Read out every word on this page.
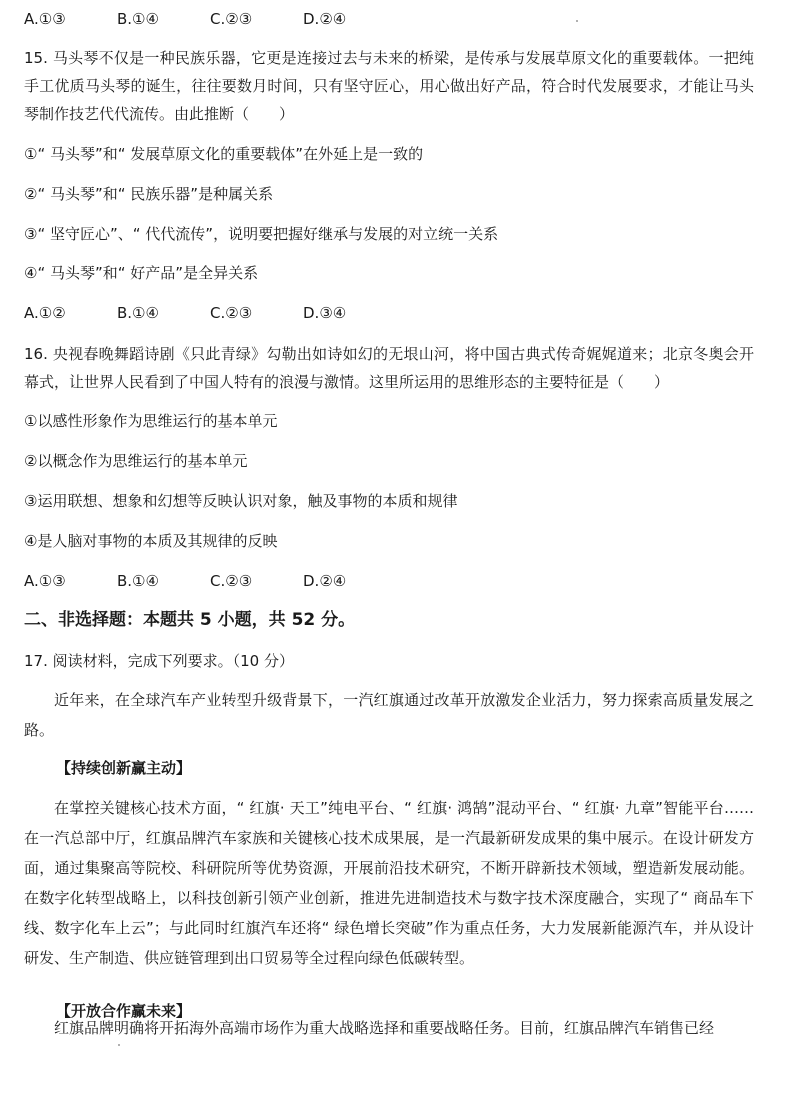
A.①③	B.①④	C.②③	D.②④
15. 马头琴不仅是一种民族乐器，它更是连接过去与未来的桥梁，是传承与发展草原文化的重要载体。一把纯手工优质马头琴的诞生，往往要数月时间，只有坚守匠心，用心做出好产品，符合时代发展要求，才能让马头琴制作技艺代代流传。由此推断（　　）
①“ 马头琴”和“ 发展草原文化的重要载体”在外延上是一致的
②“ 马头琴”和“ 民族乐器”是种属关系
③“ 坚守匠心”、“ 代代流传”，说明要把握好继承与发展的对立统一关系
④“ 马头琴”和“ 好产品”是全异关系
A.①②	B.①④	C.②③	D.③④
16. 央视春晚舞蹈诗剧《只此青绿》勾勒出如诗如幻的无垠山河，将中国古典式传奇娓娓道来；北京冬奥会开幕式，让世界人民看到了中国人特有的浪漫与激情。这里所运用的思维形态的主要特征是（　　）
①以感性形象作为思维运行的基本单元
②以概念作为思维运行的基本单元
③运用联想、想象和幻想等反映认识对象，触及事物的本质和规律
④是人脑对事物的本质及其规律的反映
A.①③	B.①④	C.②③	D.②④
二、非选择题：本题共 5 小题，共 52 分。
17. 阅读材料，完成下列要求。（10 分）
近年来，在全球汽车产业转型升级背景下，一汽红旗通过改革开放激发企业活力，努力探索高质量发展之路。
【持续创新赢主动】
在掌控关键核心技术方面，“ 红旗· 天工”纯电平台、“ 红旗· 鸿鹄”混动平台、“ 红旗· 九章”智能平台……在一汽总部中厅，红旗品牌汽车家族和关键核心技术成果展，是一汽最新研发成果的集中展示。在设计研发方面，通过集聚高等院校、科研院所等优势资源，开展前沿技术研究，不断开辟新技术领域，塑造新发展动能。在数字化转型战略上，以科技创新引领产业创新，推进先进制造技术与数字技术深度融合，实现了“ 商品车下线、数字化车上云”；与此同时红旗汽车还将“ 绿色增长突破”作为重点任务，大力发展新能源汽车，并从设计研发、生产制造、供应链管理到出口贸易等全过程向绿色低碳转型。
【开放合作赢未来】
红旗品牌明确将开拓海外高端市场作为重大战略选择和重要战略任务。目前，红旗品牌汽车销售已经
